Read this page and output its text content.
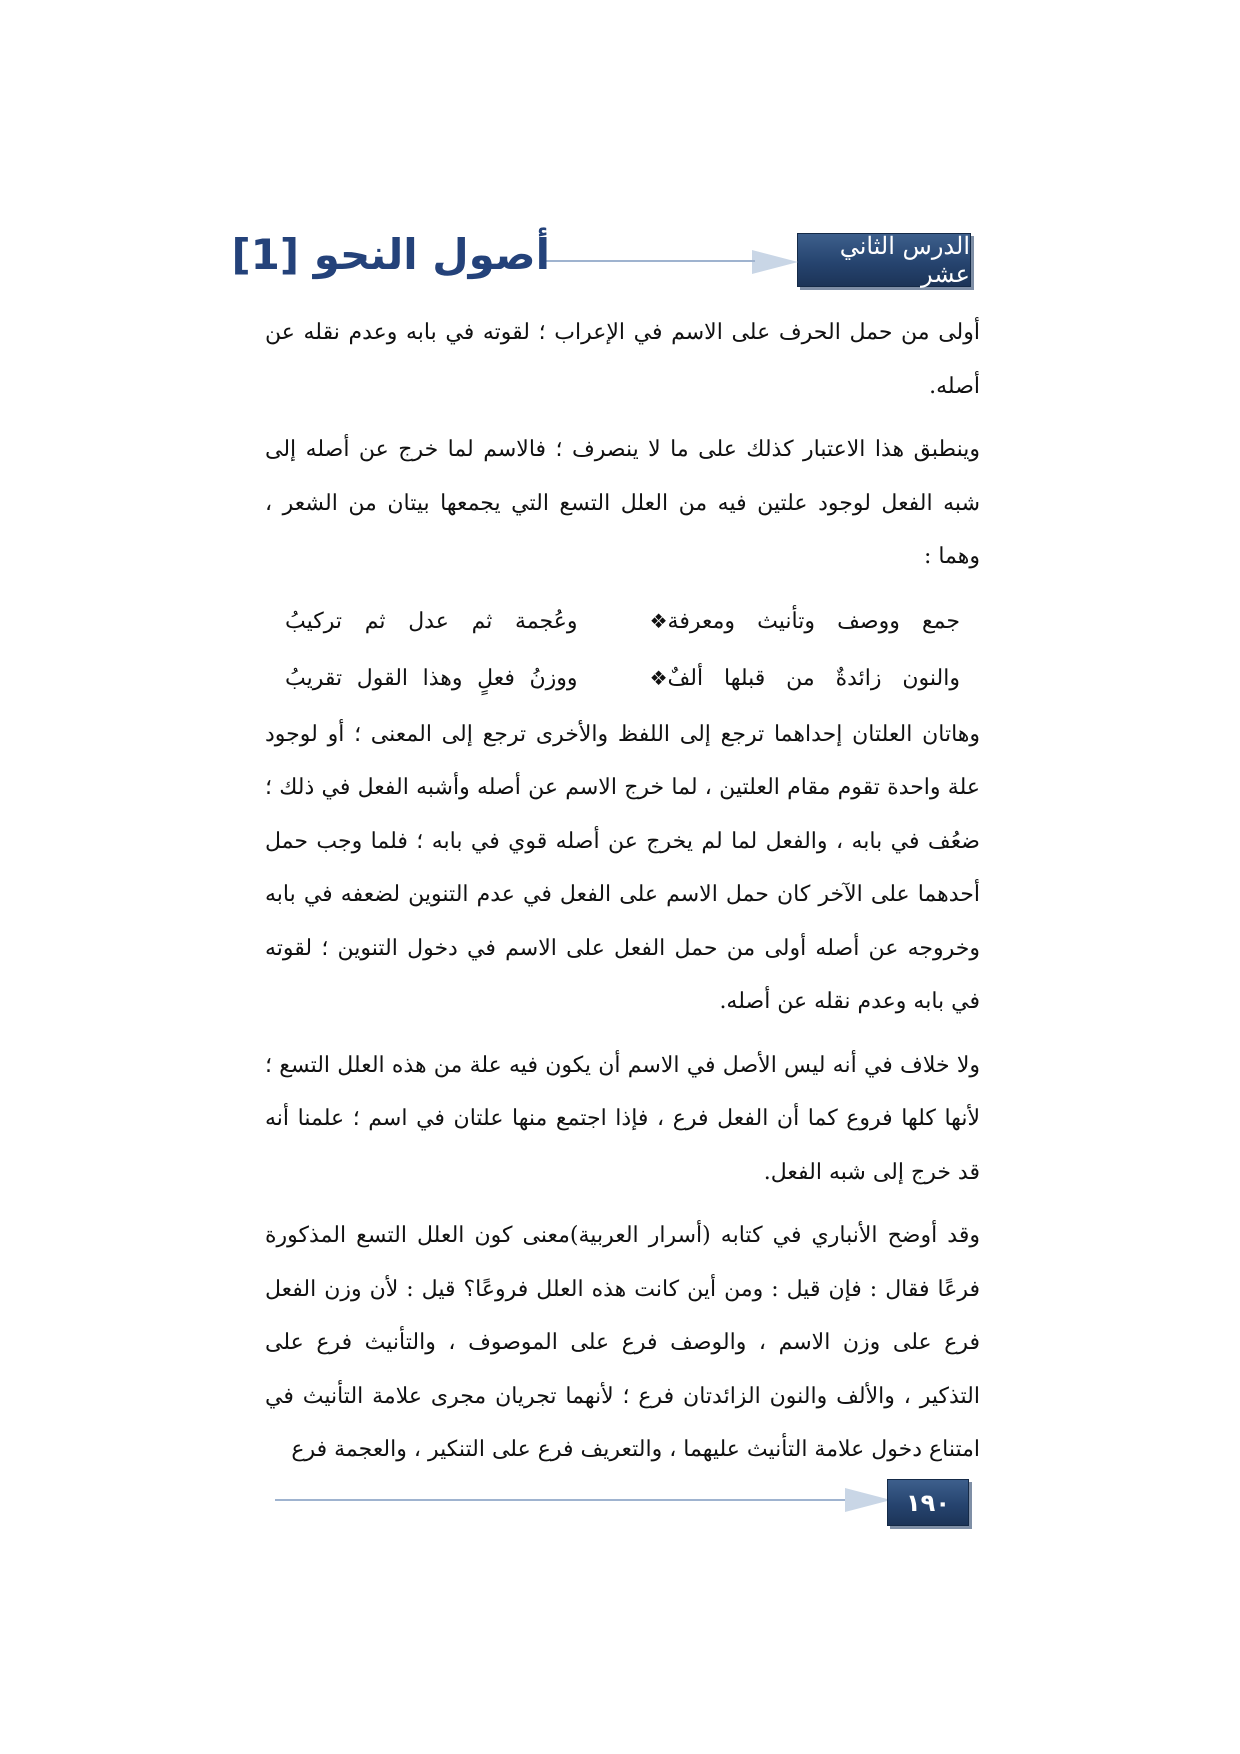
الدرس الثاني عشر
أصول النحو [1]

أولى من حمل الحرف على الاسم في الإعراب ؛ لقوته في بابه وعدم نقله عن أصله.

وينطبق هذا الاعتبار كذلك على ما لا ينصرف ؛ فالاسم لما خرج عن أصله إلى شبه الفعل لوجود علتين فيه من العلل التسع التي يجمعها بيتان من الشعر ، وهما :

جمع
ووصف
وتأنيث
ومعرفة
❖
وعُجمة
ثم
عدل
ثم
تركيبُ
والنون
زائدةٌ
من
قبلها
ألفٌ
❖
ووزنُ
فعلٍ
وهذا
القول
تقريبُ

وهاتان العلتان إحداهما ترجع إلى اللفظ والأخرى ترجع إلى المعنى ؛ أو لوجود علة واحدة تقوم مقام العلتين ، لما خرج الاسم عن أصله وأشبه الفعل في ذلك ؛ ضعُف في بابه ، والفعل لما لم يخرج عن أصله قوي في بابه ؛ فلما وجب حمل أحدهما على الآخر كان حمل الاسم على الفعل في عدم التنوين لضعفه في بابه وخروجه عن أصله أولى من حمل الفعل على الاسم في دخول التنوين ؛ لقوته في بابه وعدم نقله عن أصله.

ولا خلاف في أنه ليس الأصل في الاسم أن يكون فيه علة من هذه العلل التسع ؛ لأنها كلها فروع كما أن الفعل فرع ، فإذا اجتمع منها علتان في اسم ؛ علمنا أنه قد خرج إلى شبه الفعل.

وقد أوضح الأنباري في كتابه (أسرار العربية)معنى كون العلل التسع المذكورة فرعًا فقال : فإن قيل : ومن أين كانت هذه العلل فروعًا؟ قيل : لأن وزن الفعل فرع على وزن الاسم ، والوصف فرع على الموصوف ، والتأنيث فرع على التذكير ، والألف والنون الزائدتان فرع ؛ لأنهما تجريان مجرى علامة التأنيث في امتناع دخول علامة التأنيث عليهما ، والتعريف فرع على التنكير ، والعجمة فرع

١٩٠
